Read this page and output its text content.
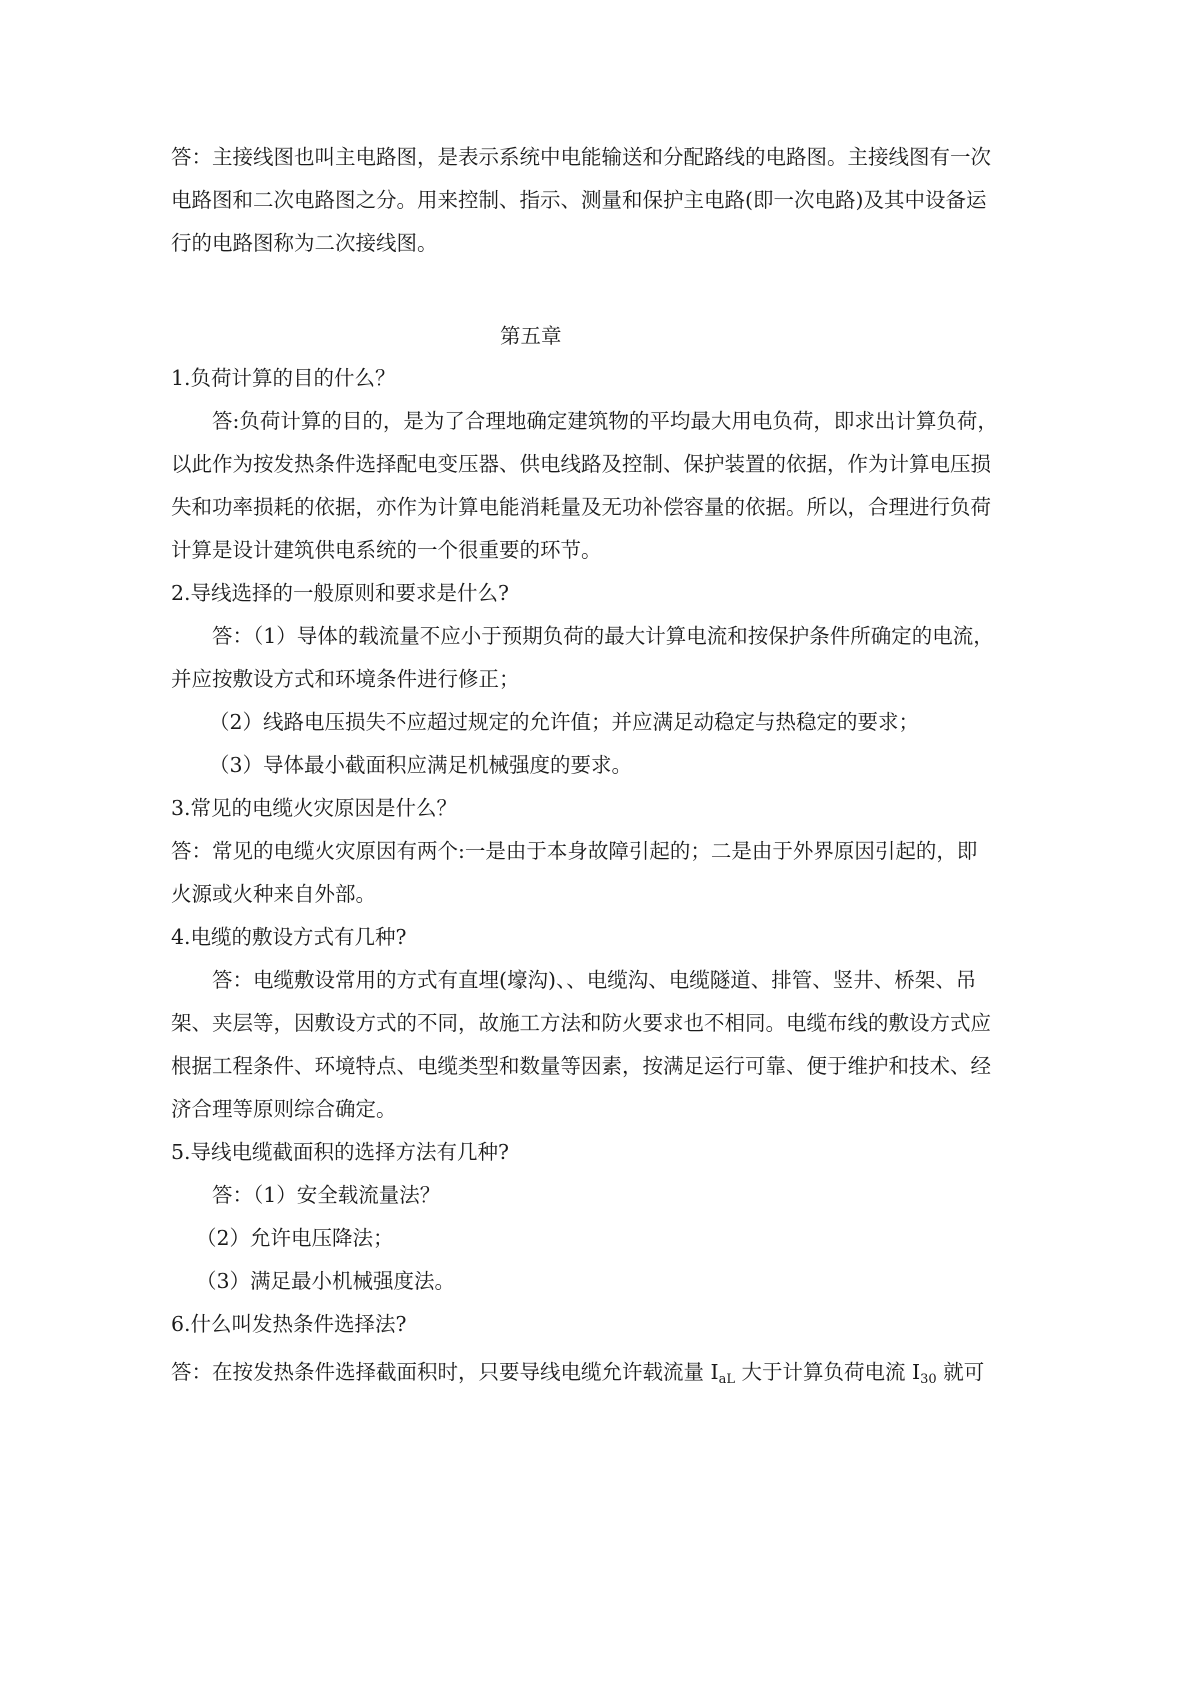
答：主接线图也叫主电路图，是表示系统中电能输送和分配路线的电路图。主接线图有一次
电路图和二次电路图之分。用来控制、指示、测量和保护主电路(即一次电路)及其中设备运
行的电路图称为二次接线图。
第五章
1.负荷计算的目的什么？
答:负荷计算的目的，是为了合理地确定建筑物的平均最大用电负荷，即求出计算负荷，
以此作为按发热条件选择配电变压器、供电线路及控制、保护装置的依据，作为计算电压损
失和功率损耗的依据，亦作为计算电能消耗量及无功补偿容量的依据。所以，合理进行负荷
计算是设计建筑供电系统的一个很重要的环节。
2.导线选择的一般原则和要求是什么?
答：（1）导体的载流量不应小于预期负荷的最大计算电流和按保护条件所确定的电流，
并应按敷设方式和环境条件进行修正；
（2）线路电压损失不应超过规定的允许值；并应满足动稳定与热稳定的要求；
（3）导体最小截面积应满足机械强度的要求。
3.常见的电缆火灾原因是什么？
答：常见的电缆火灾原因有两个:一是由于本身故障引起的；二是由于外界原因引起的，即
火源或火种来自外部。
4.电缆的敷设方式有几种?
答：电缆敷设常用的方式有直埋(壕沟)、、电缆沟、电缆隧道、排管、竖井、桥架、吊
架、夹层等，因敷设方式的不同，故施工方法和防火要求也不相同。电缆布线的敷设方式应
根据工程条件、环境特点、电缆类型和数量等因素，按满足运行可靠、便于维护和技术、经
济合理等原则综合确定。
5.导线电缆截面积的选择方法有几种?
答：（1）安全载流量法？
（2）允许电压降法；
（3）满足最小机械强度法。
6.什么叫发热条件选择法?
答：在按发热条件选择截面积时，只要导线电缆允许载流量 $I_{aL}$ 大于计算负荷电流 $I_{30}$ 就可
